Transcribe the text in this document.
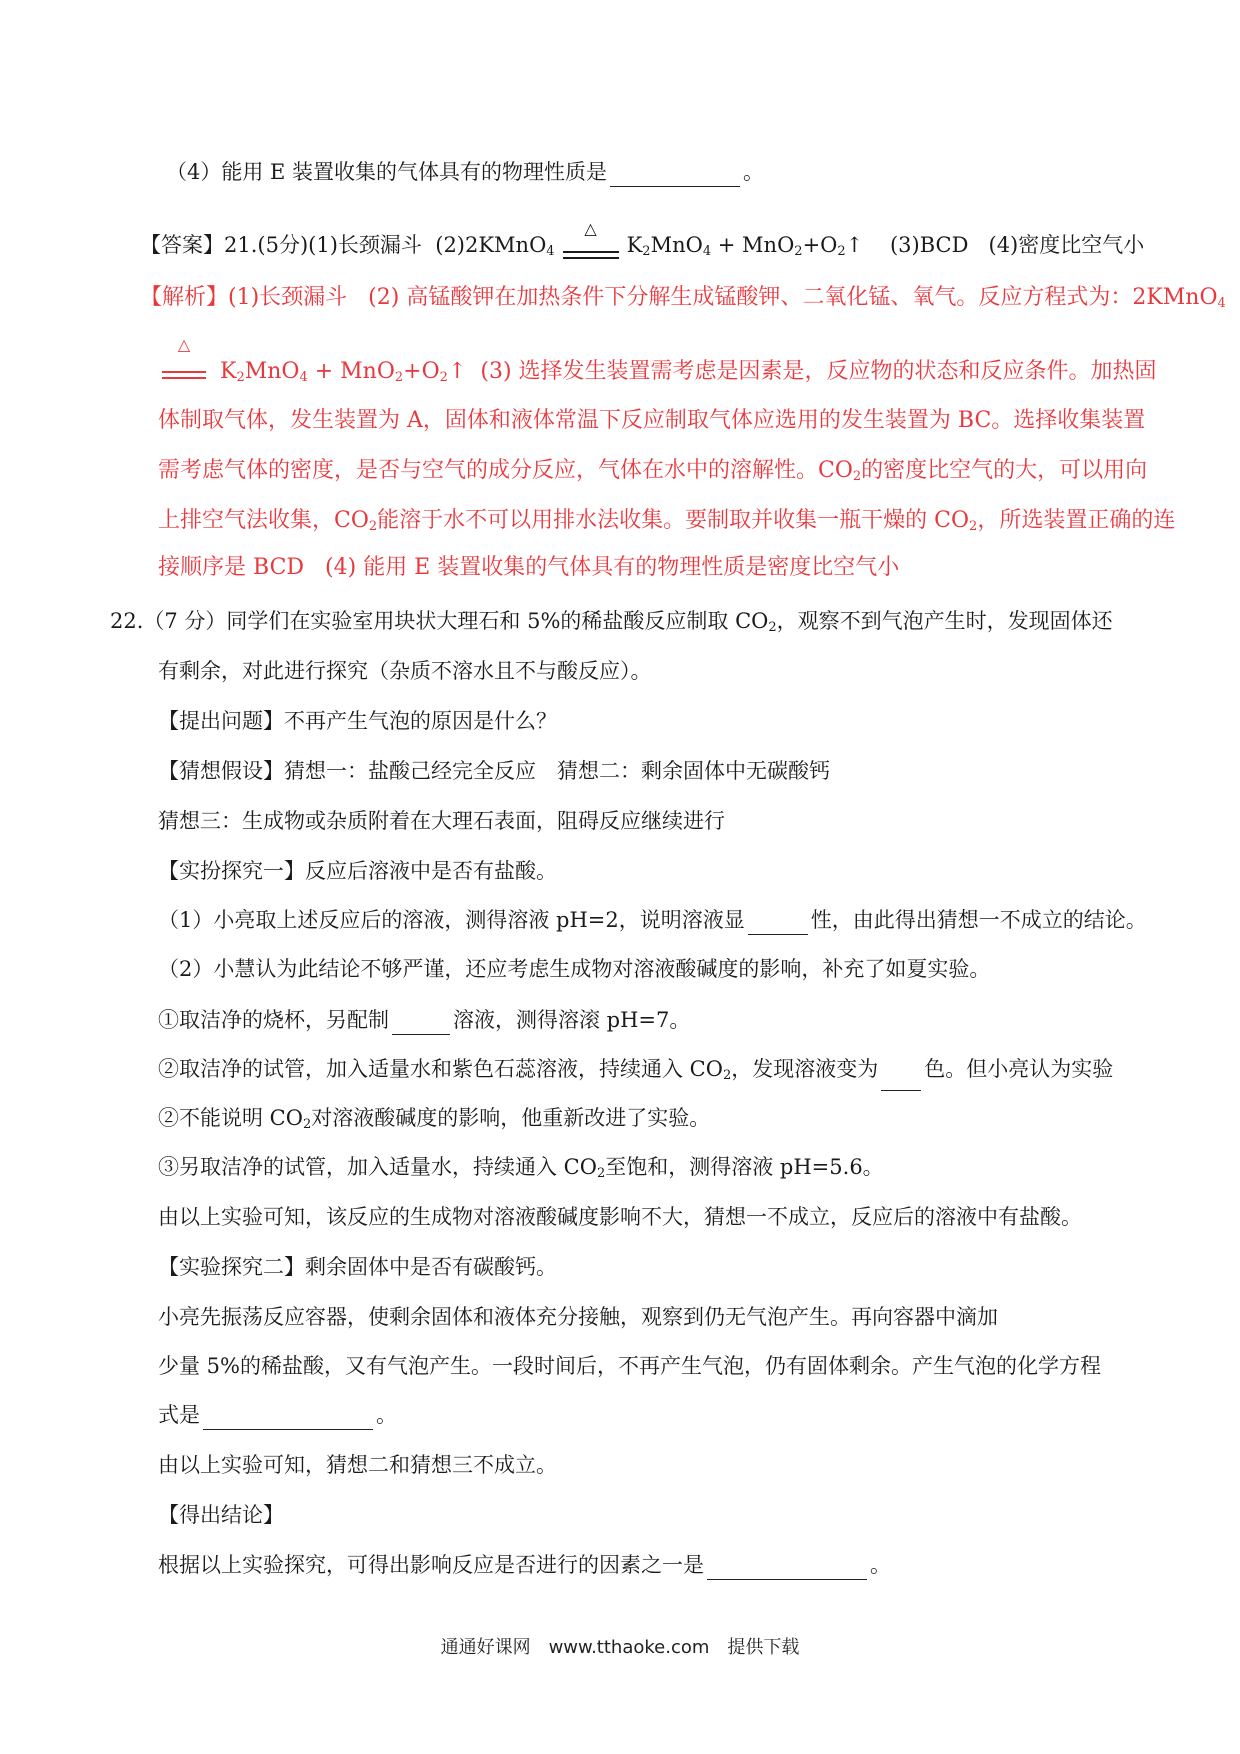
（4）能用 E 装置收集的气体具有的物理性质是	。
【答案】21.(5分)(1)长颈漏斗 (2)2KMnO$_4$
△
$K_2MnO_4$ + $MnO_2+O_2↑$ (3)BCD (4)密度比空气小
【解析】(1)长颈漏斗 (2) 高锰酸钾在加热条件下分解生成锰酸钾、二氧化锰、氧气。反应方程式为：2KMnO$_4$
△
$K_2MnO_4$ + $MnO_2+O_2↑$ (3) 选择发生装置需考虑是因素是，反应物的状态和反应条件。加热固
体制取气体，发生装置为 A，固体和液体常温下反应制取气体应选用的发生装置为 BC。选择收集装置
需考虑气体的密度，是否与空气的成分反应，气体在水中的溶解性。$CO_2$的密度比空气的大，可以用向
上排空气法收集，$CO_2$能溶于水不可以用排水法收集。要制取并收集一瓶干燥的 $CO_2$，所选装置正确的连
接顺序是 BCD (4) 能用 E 装置收集的气体具有的物理性质是密度比空气小
22.（7 分）同学们在实验室用块状大理石和 5%的稀盐酸反应制取 $CO_2$，观察不到气泡产生时，发现固体还
有剩余，对此进行探究（杂质不溶水且不与酸反应）。
【提出问题】不再产生气泡的原因是什么？
【猜想假设】猜想一：盐酸己经完全反应　猜想二：剩余固体中无碳酸钙
猜想三：生成物或杂质附着在大理石表面，阻碍反应继续进行
【实扮探究一】反应后溶液中是否有盐酸。
（1）小亮取上述反应后的溶液，测得溶液 pH=2，说明溶液显	性，由此得出猜想一不成立的结论。
（2）小慧认为此结论不够严谨，还应考虑生成物对溶液酸碱度的影响，补充了如夏实验。
①取洁净的烧杯，另配制	溶液，测得溶滚 pH=7。
②取洁净的试管，加入适量水和紫色石蕊溶液，持续通入 $CO_2$，发现溶液变为 色。但小亮认为实验
②不能说明 $CO_2$对溶液酸碱度的影响，他重新改进了实验。
③另取洁净的试管，加入适量水，持续通入 $CO_2$至饱和，测得溶液 pH=5.6。
由以上实验可知，该反应的生成物对溶液酸碱度影响不大，猜想一不成立，反应后的溶液中有盐酸。
【实验探究二】剩余固体中是否有碳酸钙。
小亮先振荡反应容器，使剩余固体和液体充分接触，观察到仍无气泡产生。再向容器中滴加
少量 5%的稀盐酸，又有气泡产生。一段时间后，不再产生气泡，仍有固体剩余。产生气泡的化学方程
式是	。
由以上实验可知，猜想二和猜想三不成立。
【得出结论】
根据以上实验探究，可得出影响反应是否进行的因素之一是	。
通通好课网　www.tthaoke.com　提供下载
